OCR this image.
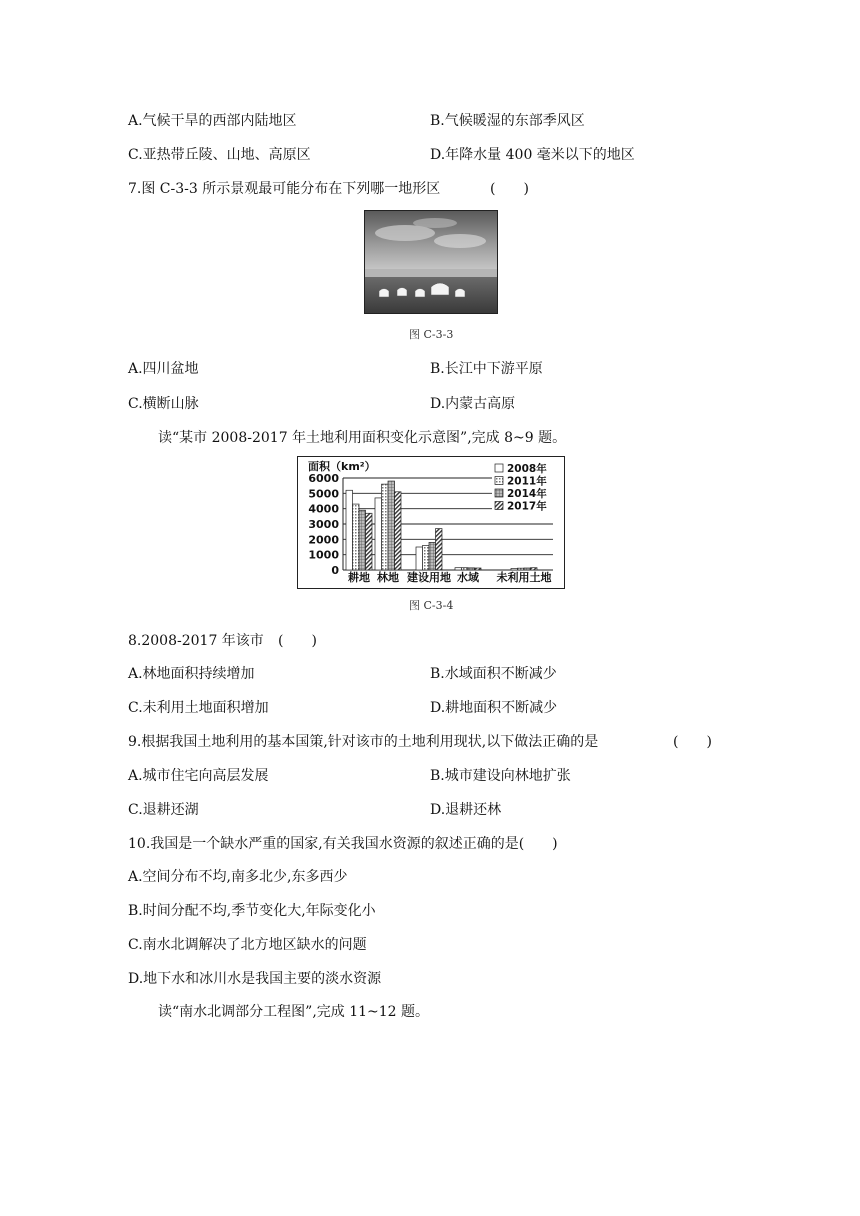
A.气候干旱的西部内陆地区	B.气候暖湿的东部季风区
C.亚热带丘陵、山地、高原区	D.年降水量 400 毫米以下的地区
7.图 C-3-3 所示景观最可能分布在下列哪一地形区	(　　)
图 C-3-3
A.四川盆地	B.长江中下游平原
C.横断山脉	D.内蒙古高原
读“某市 2008-2017 年土地利用面积变化示意图”,完成 8~9 题。
0
1000
2000
3000
4000
5000
6000
面积（km²）
耕地 林地 建设用地 水域 未利用土地
2008年
2011年
2014年
2017年
图 C-3-4
8.2008-2017 年该市 (　　)
A.林地面积持续增加	B.水域面积不断减少
C.未利用土地面积增加	D.耕地面积不断减少
9.根据我国土地利用的基本国策,针对该市的土地利用现状,以下做法正确的是	(　　)
A.城市住宅向高层发展	B.城市建设向林地扩张
C.退耕还湖	D.退耕还林
10.我国是一个缺水严重的国家,有关我国水资源的叙述正确的是(　　)
A.空间分布不均,南多北少,东多西少
B.时间分配不均,季节变化大,年际变化小
C.南水北调解决了北方地区缺水的问题
D.地下水和冰川水是我国主要的淡水资源
读“南水北调部分工程图”,完成 11~12 题。
